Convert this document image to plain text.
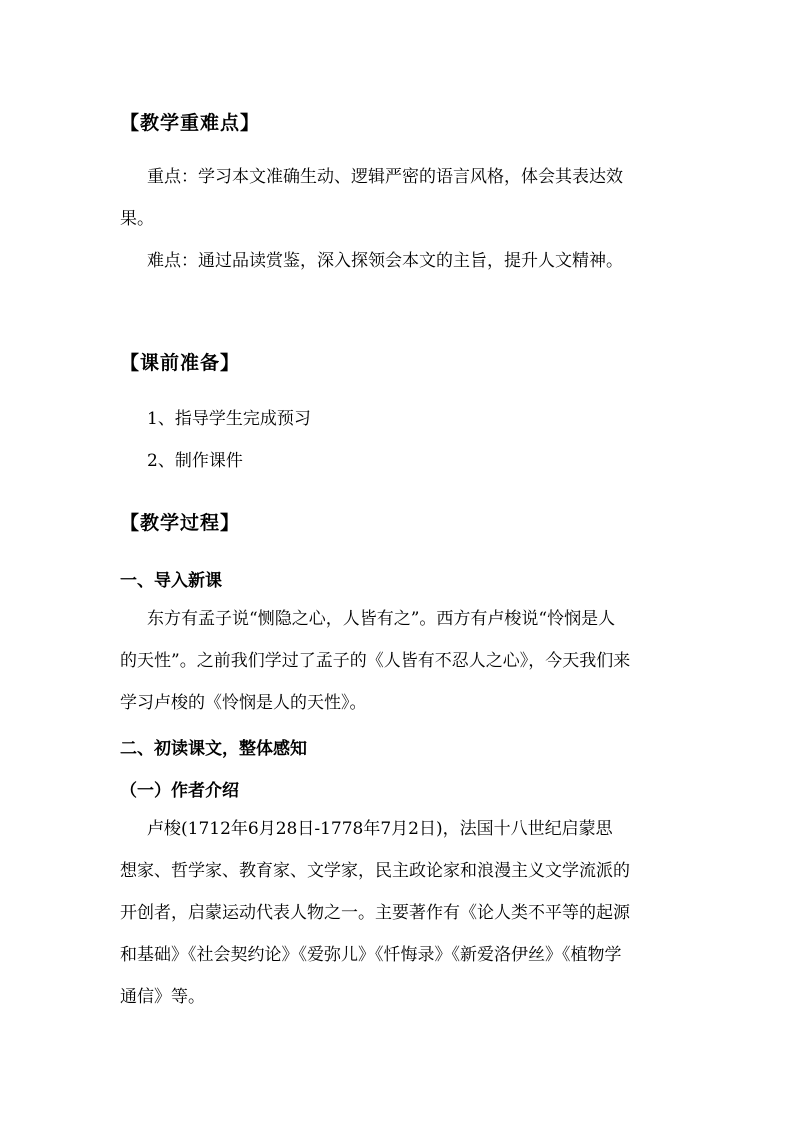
【教学重难点】
重点：学习本文准确生动、逻辑严密的语言风格，体会其表达效
果。
难点：通过品读赏鉴，深入探领会本文的主旨，提升人文精神。
【课前准备】
1、指导学生完成预习
2、制作课件
【教学过程】
一、导入新课
东方有孟子说“恻隐之心，人皆有之”。西方有卢梭说“怜悯是人
的天性”。之前我们学过了孟子的《人皆有不忍人之心》，今天我们来
学习卢梭的《怜悯是人的天性》。
二、初读课文，整体感知
（一）作者介绍
卢梭(1712年6月28日-1778年7月2日)，法国十八世纪启蒙思
想家、哲学家、教育家、文学家，民主政论家和浪漫主义文学流派的
开创者，启蒙运动代表人物之一。主要著作有《论人类不平等的起源
和基础》《社会契约论》《爱弥儿》《忏悔录》《新爱洛伊丝》《植物学
通信》等。
